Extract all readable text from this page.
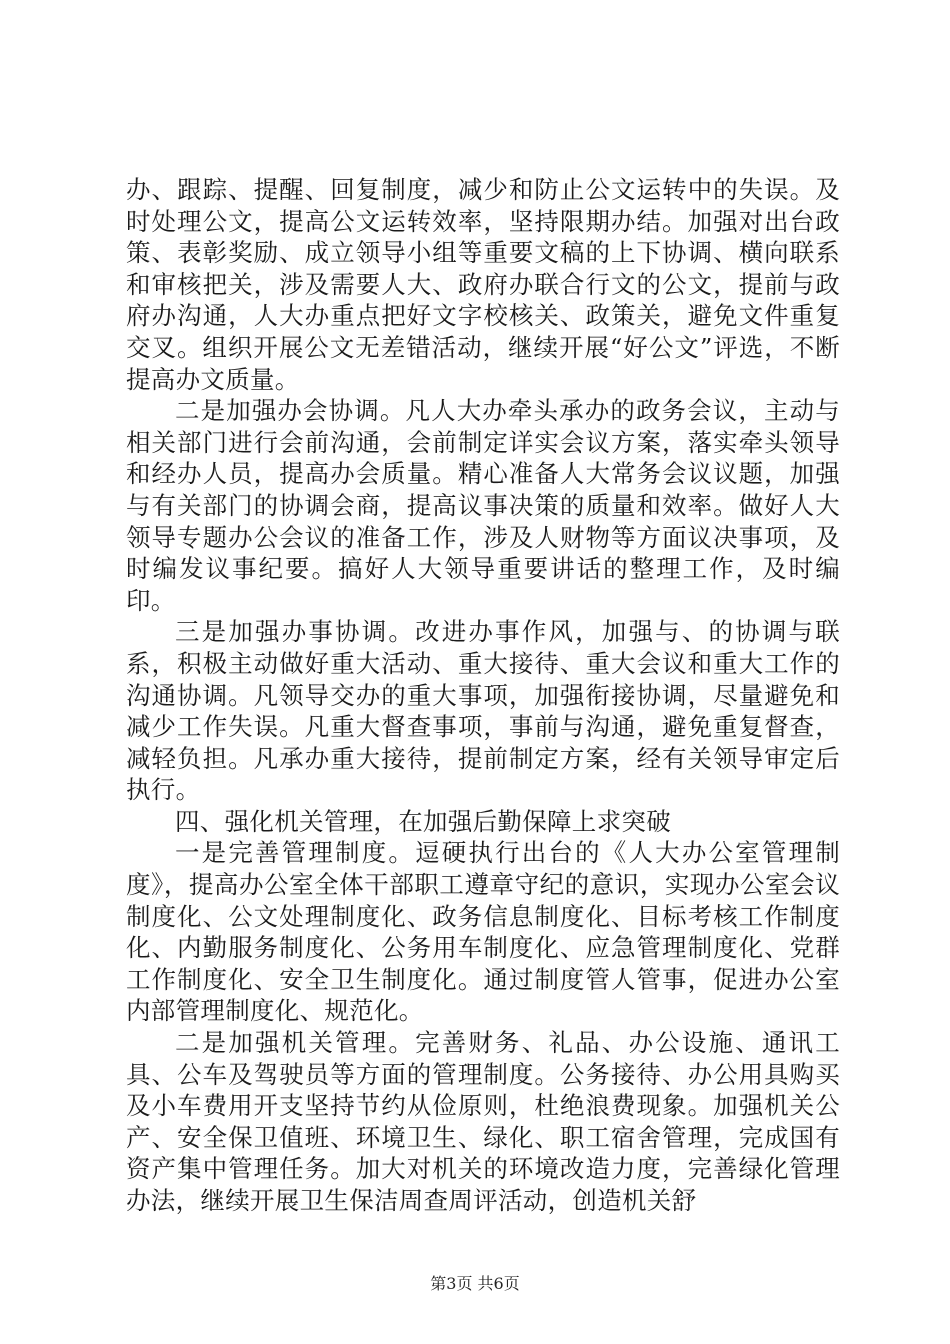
办、跟踪、提醒、回复制度，减少和防止公文运转中的失误。及时处理公文，提高公文运转效率，坚持限期办结。加强对出台政策、表彰奖励、成立领导小组等重要文稿的上下协调、横向联系和审核把关，涉及需要人大、政府办联合行文的公文，提前与政府办沟通，人大办重点把好文字校核关、政策关，避免文件重复交叉。组织开展公文无差错活动，继续开展“好公文”评选，不断提高办文质量。

二是加强办会协调。凡人大办牵头承办的政务会议，主动与相关部门进行会前沟通，会前制定详实会议方案，落实牵头领导和经办人员，提高办会质量。精心准备人大常务会议议题，加强与有关部门的协调会商，提高议事决策的质量和效率。做好人大领导专题办公会议的准备工作，涉及人财物等方面议决事项，及时编发议事纪要。搞好人大领导重要讲话的整理工作，及时编印。

三是加强办事协调。改进办事作风，加强与、的协调与联系，积极主动做好重大活动、重大接待、重大会议和重大工作的沟通协调。凡领导交办的重大事项，加强衔接协调，尽量避免和减少工作失误。凡重大督查事项，事前与沟通，避免重复督查，减轻负担。凡承办重大接待，提前制定方案，经有关领导审定后执行。

四、强化机关管理，在加强后勤保障上求突破

一是完善管理制度。逗硬执行出台的《人大办公室管理制度》，提高办公室全体干部职工遵章守纪的意识，实现办公室会议制度化、公文处理制度化、政务信息制度化、目标考核工作制度化、内勤服务制度化、公务用车制度化、应急管理制度化、党群工作制度化、安全卫生制度化。通过制度管人管事，促进办公室内部管理制度化、规范化。

二是加强机关管理。完善财务、礼品、办公设施、通讯工具、公车及驾驶员等方面的管理制度。公务接待、办公用具购买及小车费用开支坚持节约从俭原则，杜绝浪费现象。加强机关公产、安全保卫值班、环境卫生、绿化、职工宿舍管理，完成国有资产集中管理任务。加大对机关的环境改造力度，完善绿化管理办法，继续开展卫生保洁周查周评活动，创造机关舒

第3页 共6页
